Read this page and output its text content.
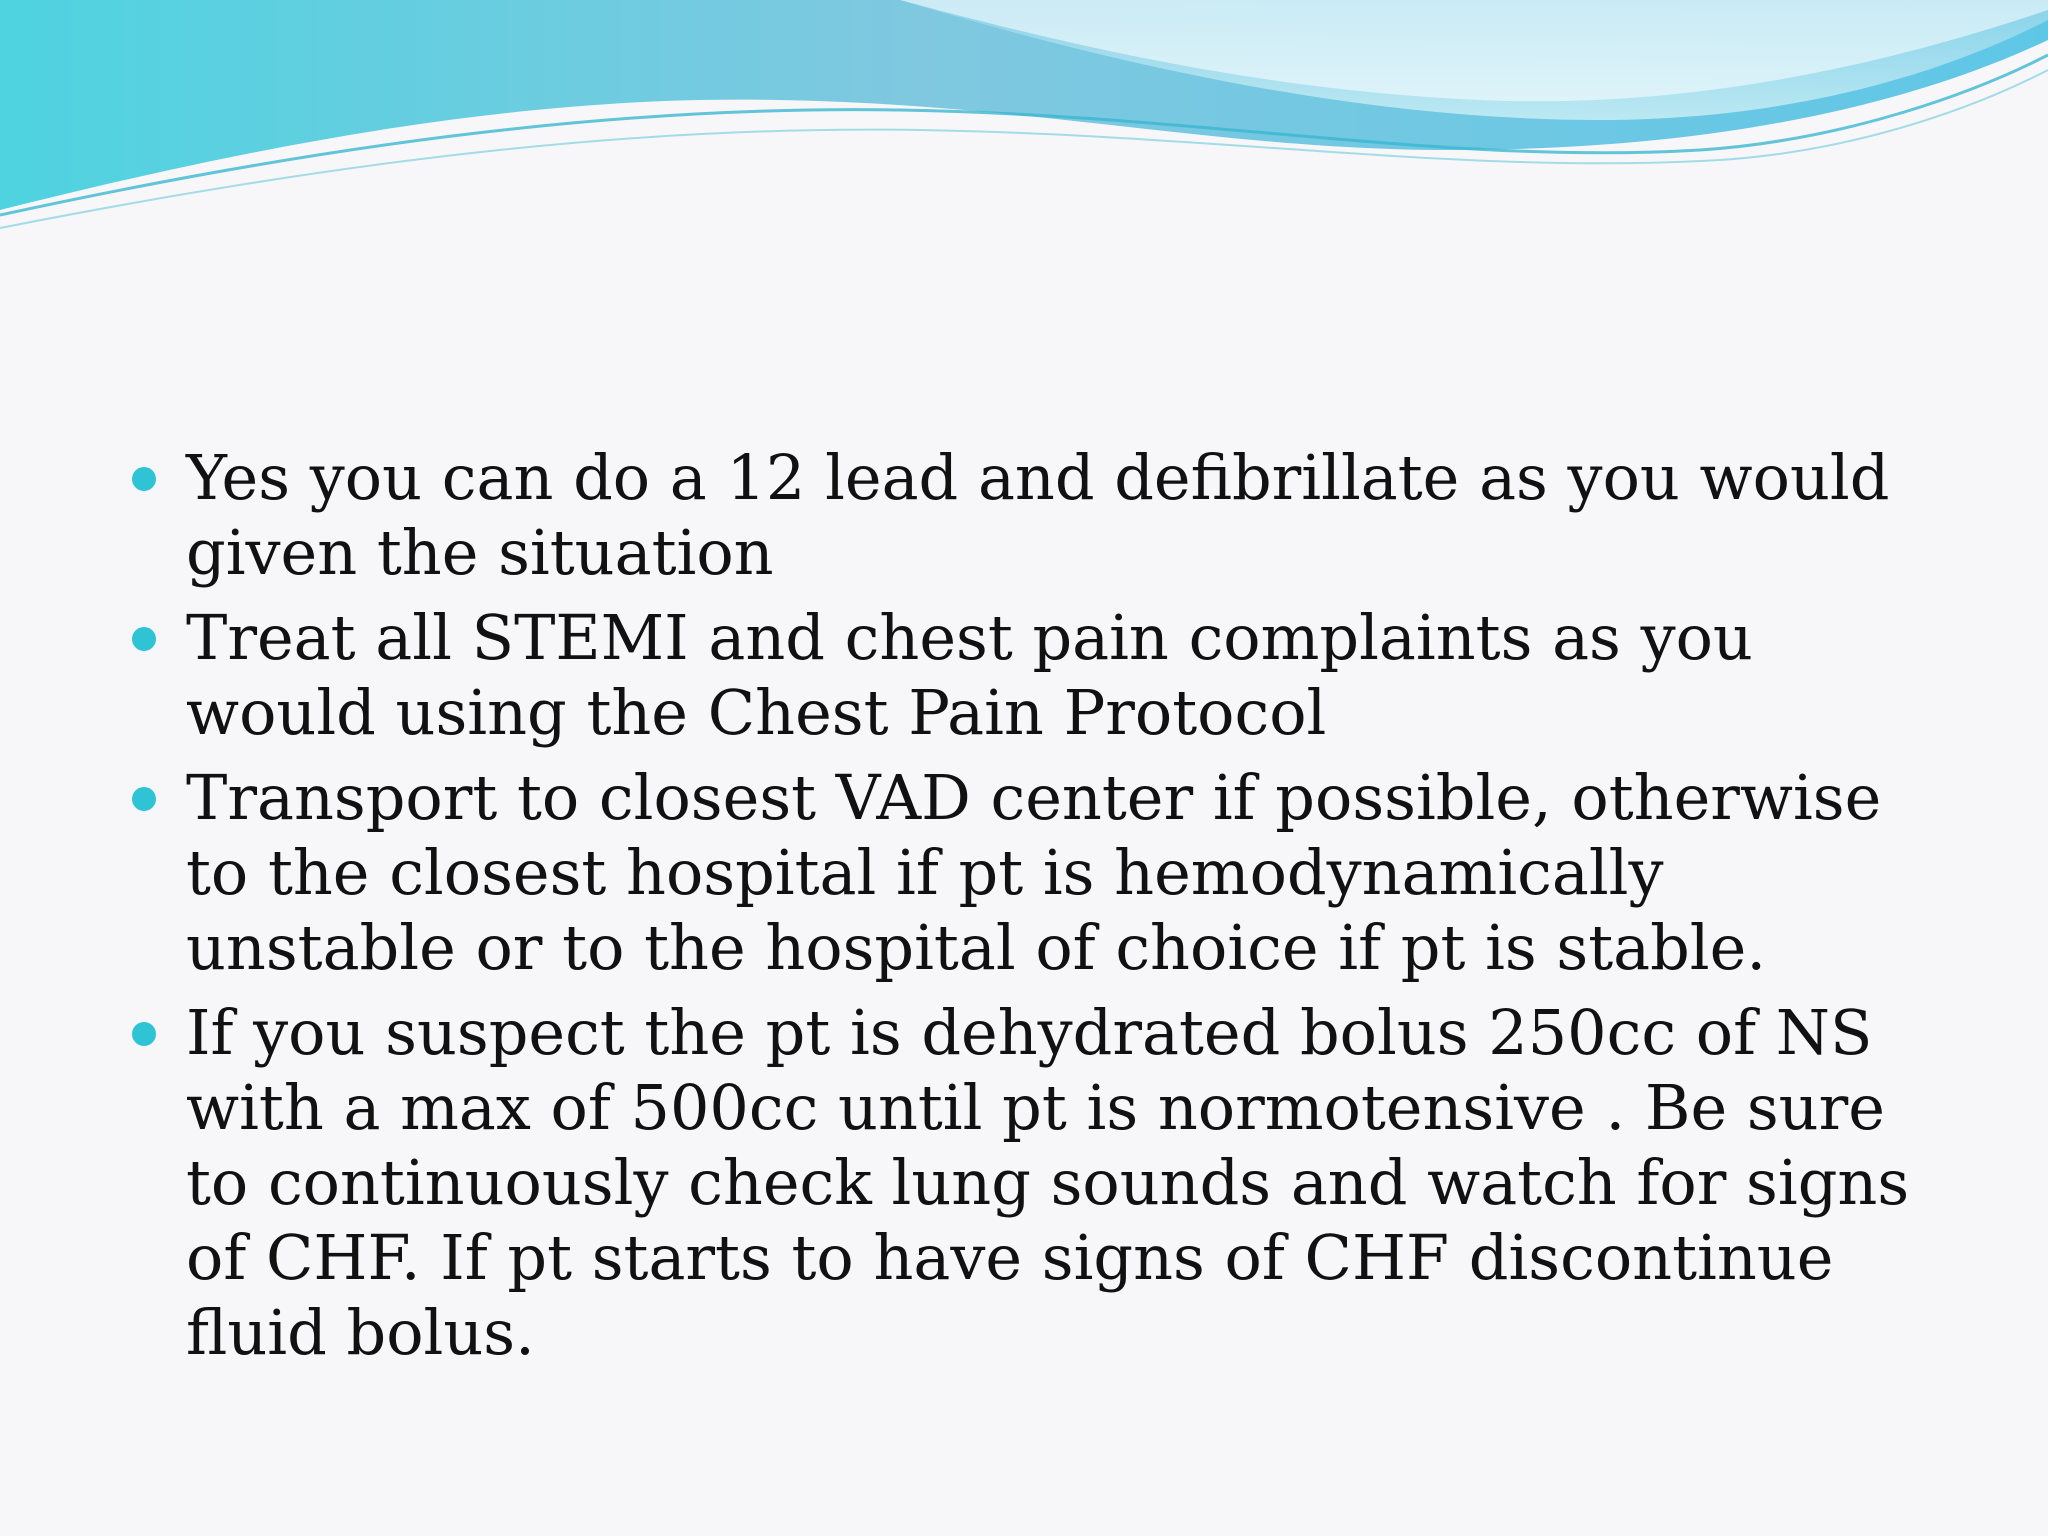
Yes you can do a 12 lead and defibrillate as you would given the situation
Treat all STEMI and chest pain complaints as you would using the Chest Pain Protocol
Transport to closest VAD center if possible, otherwise to the closest hospital if pt is hemodynamically unstable or to the hospital of choice if pt is stable.
If you suspect the pt is dehydrated bolus 250cc of NS with a max of 500cc until pt is normotensive . Be sure to continuously check lung sounds and watch for signs of CHF. If pt starts to have signs of CHF discontinue fluid bolus.
